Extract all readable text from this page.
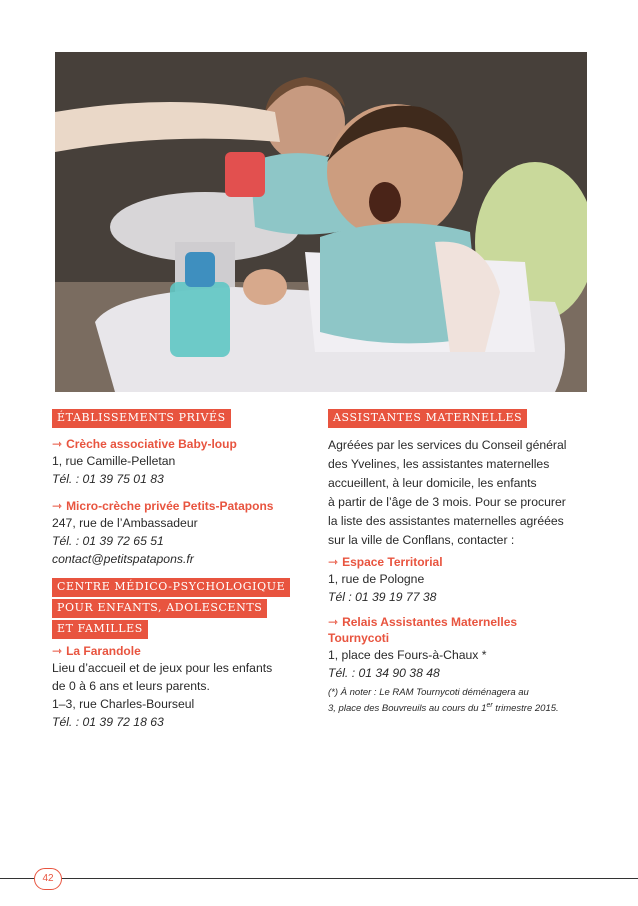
ÉTABLISSEMENTS PRIVÉS
⇾ Crèche associative Baby-loup
1, rue Camille-Pelletan
Tél. : 01 39 75 01 83
⇾ Micro-crèche privée Petits-Patapons
247, rue de l’Ambassadeur
Tél. : 01 39 72 65 51
contact@petitspatapons.fr
CENTRE MÉDICO-PSYCHOLOGIQUE
POUR ENFANTS, ADOLESCENTS
ET FAMILLES
⇾ La Farandole
Lieu d’accueil et de jeux pour les enfants
de 0 à 6 ans et leurs parents.
1–3, rue Charles-Bourseul
Tél. : 01 39 72 18 63
ASSISTANTES MATERNELLES
Agréées par les services du Conseil général
des Yvelines, les assistantes maternelles
accueillent, à leur domicile, les enfants
à partir de l’âge de 3 mois. Pour se procurer
la liste des assistantes maternelles agréées
sur la ville de Conflans, contacter :
⇾ Espace Territorial
1, rue de Pologne
Tél : 01 39 19 77 38
⇾ Relais Assistantes Maternelles
Tournycoti
1, place des Fours-à-Chaux *
Tél. : 01 34 90 38 48
(*) À noter : Le RAM Tournycoti déménagera au
3, place des Bouvreuils au cours du 1er trimestre 2015.
42
